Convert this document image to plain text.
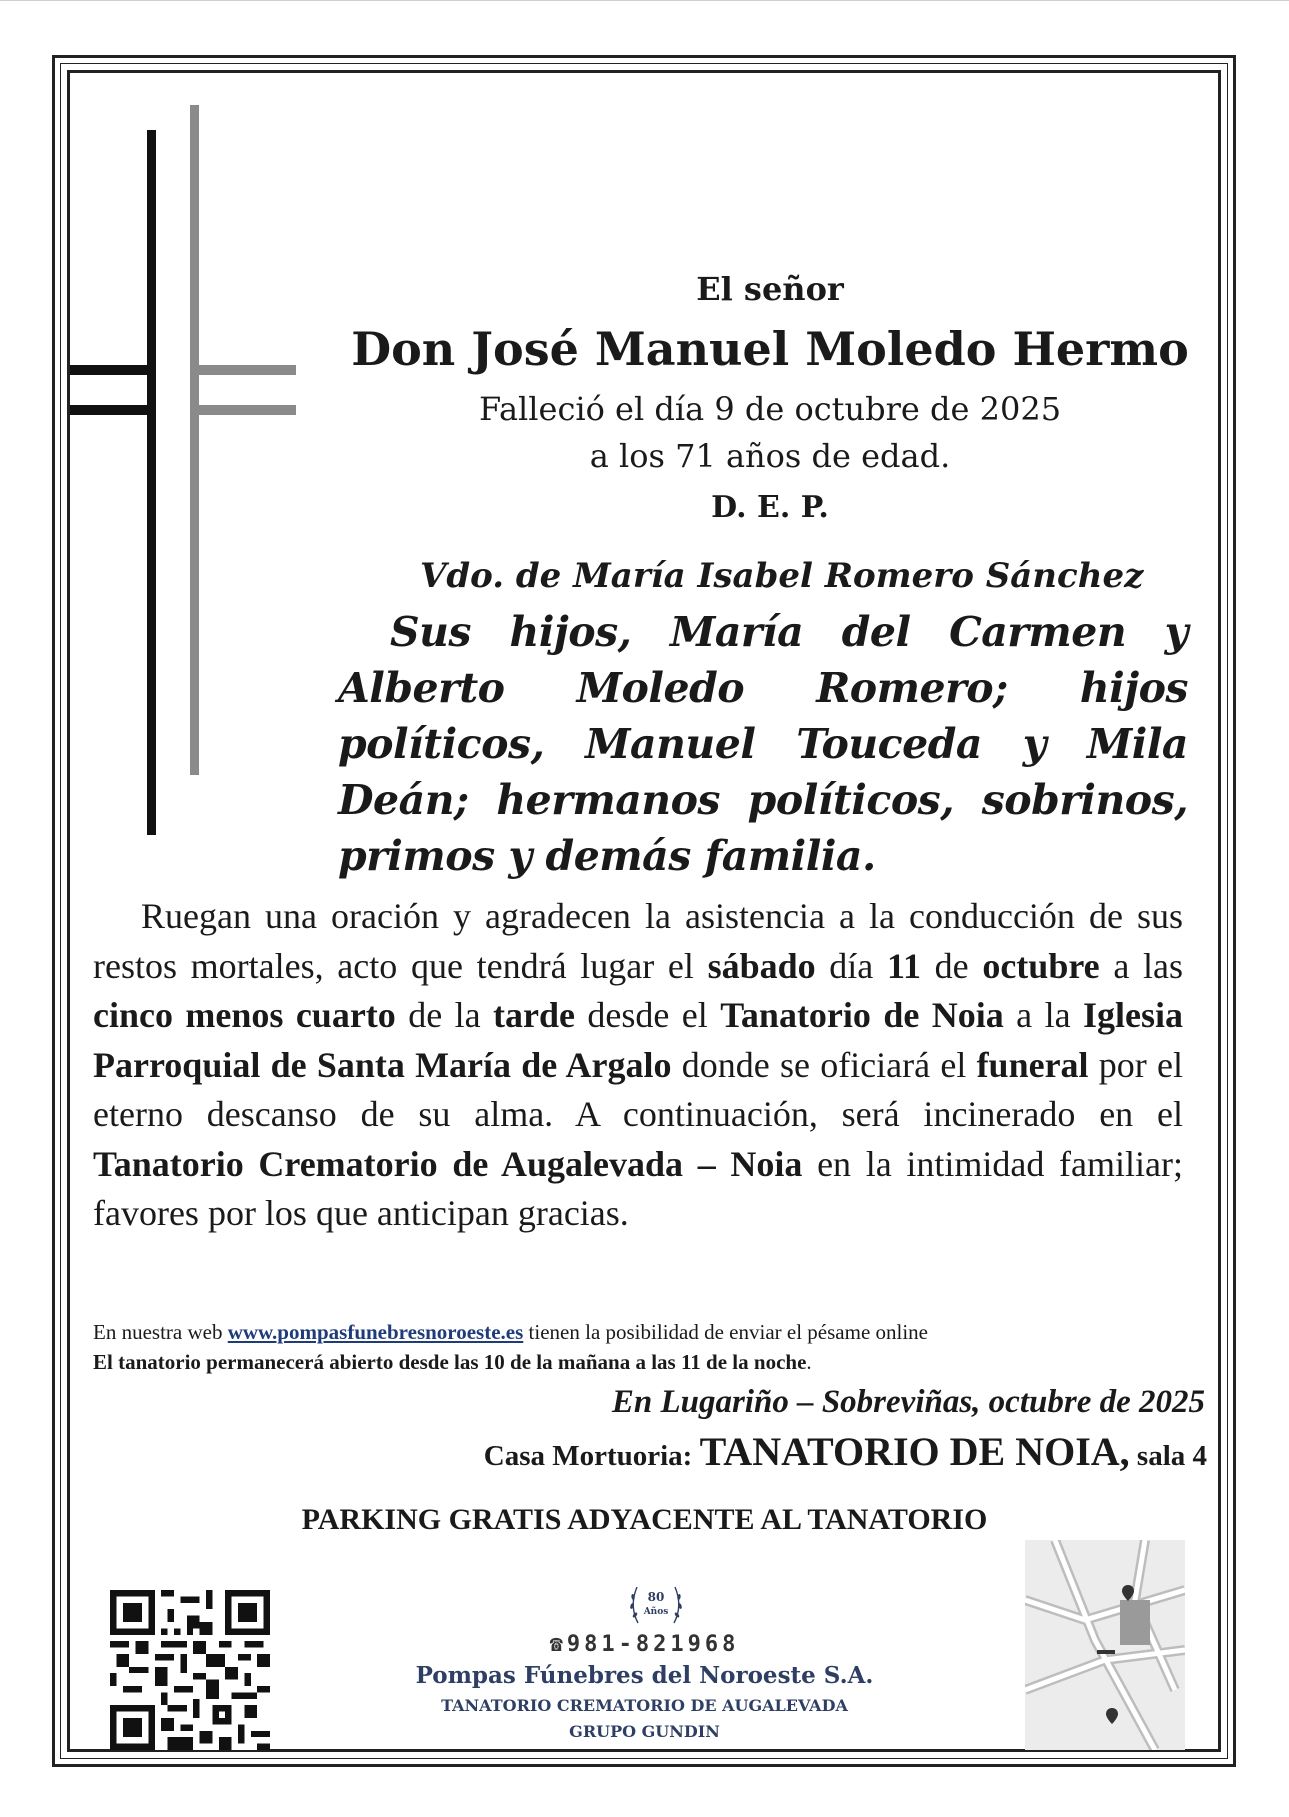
El señor
Don José Manuel Moledo Hermo
Falleció el día 9 de octubre de 2025
a los 71 años de edad.
D. E. P.
Vdo. de María Isabel Romero Sánchez
Sus hijos, María del Carmen y Alberto Moledo Romero; hijos políticos, Manuel Touceda y Mila Deán; hermanos políticos, sobrinos, primos y demás familia.
Ruegan una oración y agradecen la asistencia a la conducción de sus restos mortales, acto que tendrá lugar el sábado día 11 de octubre a las cinco menos cuarto de la tarde desde el Tanatorio de Noia a la Iglesia Parroquial de Santa María de Argalo donde se oficiará el funeral por el eterno descanso de su alma. A continuación, será incinerado en el Tanatorio Crematorio de Augalevada – Noia en la intimidad familiar; favores por los que anticipan gracias.
En nuestra web www.pompasfunebresnoroeste.es tienen la posibilidad de enviar el pésame online
El tanatorio permanecerá abierto desde las 10 de la mañana a las 11 de la noche.
En Lugariño – Sobreviñas, octubre de 2025
Casa Mortuoria: TANATORIO DE NOIA, sala 4
PARKING GRATIS ADYACENTE AL TANATORIO
80
Años
☎981-821968
Pompas Fúnebres del Noroeste S.A.
TANATORIO CREMATORIO DE AUGALEVADA
GRUPO GUNDIN
